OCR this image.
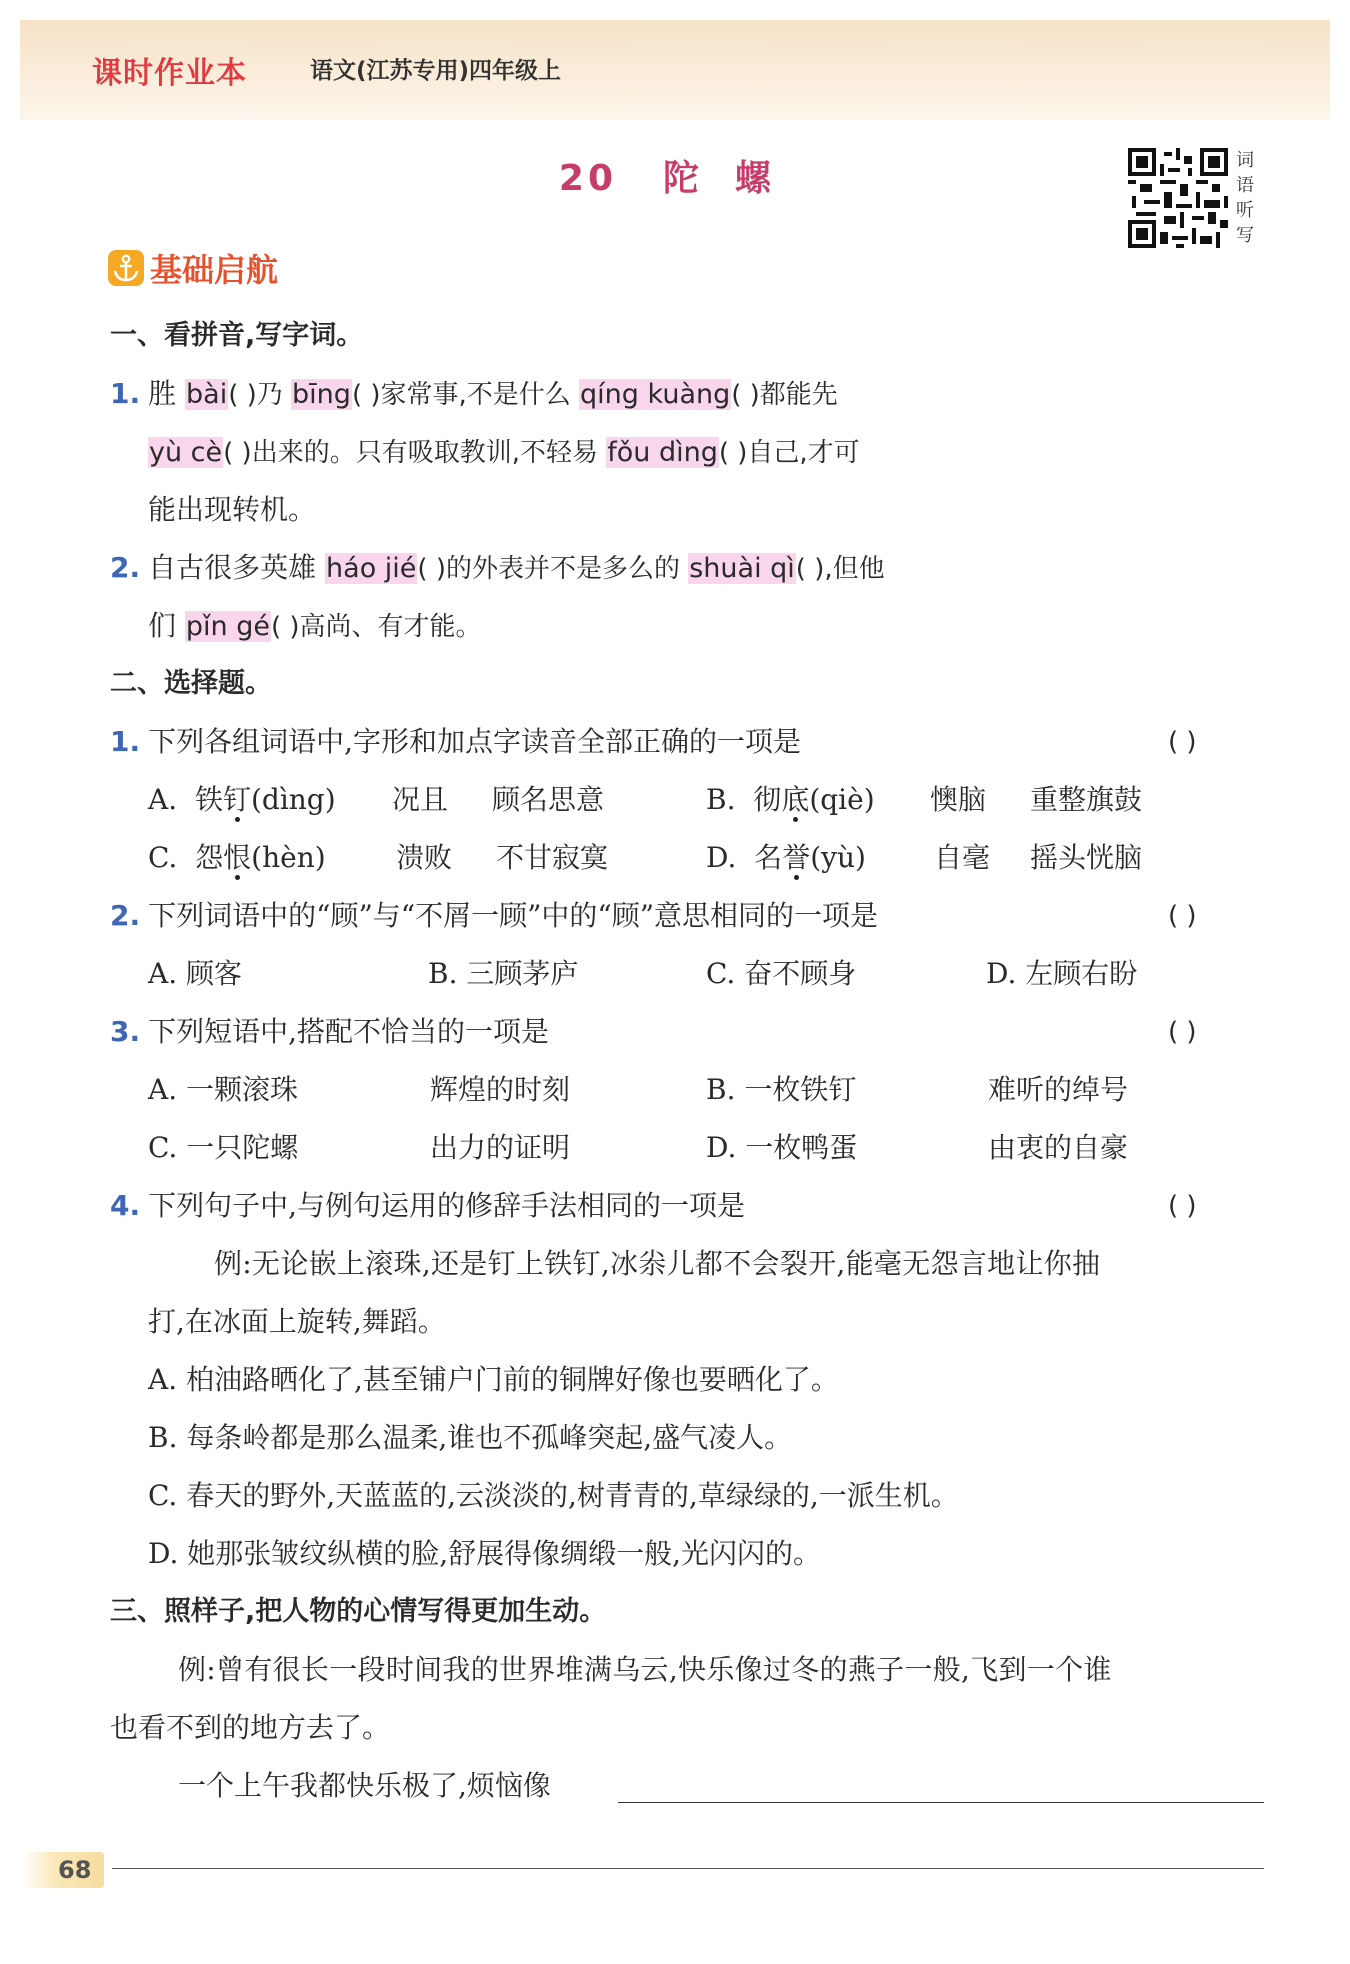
课时作业本	语文(江苏专用)四年级上
20 陀 螺	词
语
听
写
基础启航
一、看拼音,写字词。
1. 胜 bài( )乃 bīng( )家常事,不是什么 qíng kuàng( )都能先
yù cè( )出来的。只有吸取教训,不轻易 fǒu dìng( )自己,才可
能出现转机。
2. 自古很多英雄 háo jié( )的外表并不是多么的 shuài qì( ),但他
们 pǐn gé( )高尚、有才能。
二、选择题。
1. 下列各组词语中,字形和加点字读音全部正确的一项是	( )
A. 铁钉(dìng) 况且 顾名思意	B. 彻底(qiè) 懊脑 重整旗鼓
C. 怨恨(hèn)	溃败 不甘寂寞	D. 名誉(yù) 自毫 摇头恍脑
2. 下列词语中的“顾”与“不屑一顾”中的“顾”意思相同的一项是	( )
A. 顾客	B. 三顾茅庐	C. 奋不顾身	D. 左顾右盼
3. 下列短语中,搭配不恰当的一项是	( )
A. 一颗滚珠	辉煌的时刻	B. 一枚铁钉	难听的绰号
C. 一只陀螺	出力的证明	D. 一枚鸭蛋	由衷的自豪
4. 下列句子中,与例句运用的修辞手法相同的一项是	( )
例:无论嵌上滚珠,还是钉上铁钉,冰尜儿都不会裂开,能毫无怨言地让你抽
打,在冰面上旋转,舞蹈。
A. 柏油路晒化了,甚至铺户门前的铜牌好像也要晒化了。
B. 每条岭都是那么温柔,谁也不孤峰突起,盛气凌人。
C. 春天的野外,天蓝蓝的,云淡淡的,树青青的,草绿绿的,一派生机。
D. 她那张皱纹纵横的脸,舒展得像绸缎一般,光闪闪的。
三、照样子,把人物的心情写得更加生动。
例:曾有很长一段时间我的世界堆满乌云,快乐像过冬的燕子一般,飞到一个谁
也看不到的地方去了。
一个上午我都快乐极了,烦恼像
68
